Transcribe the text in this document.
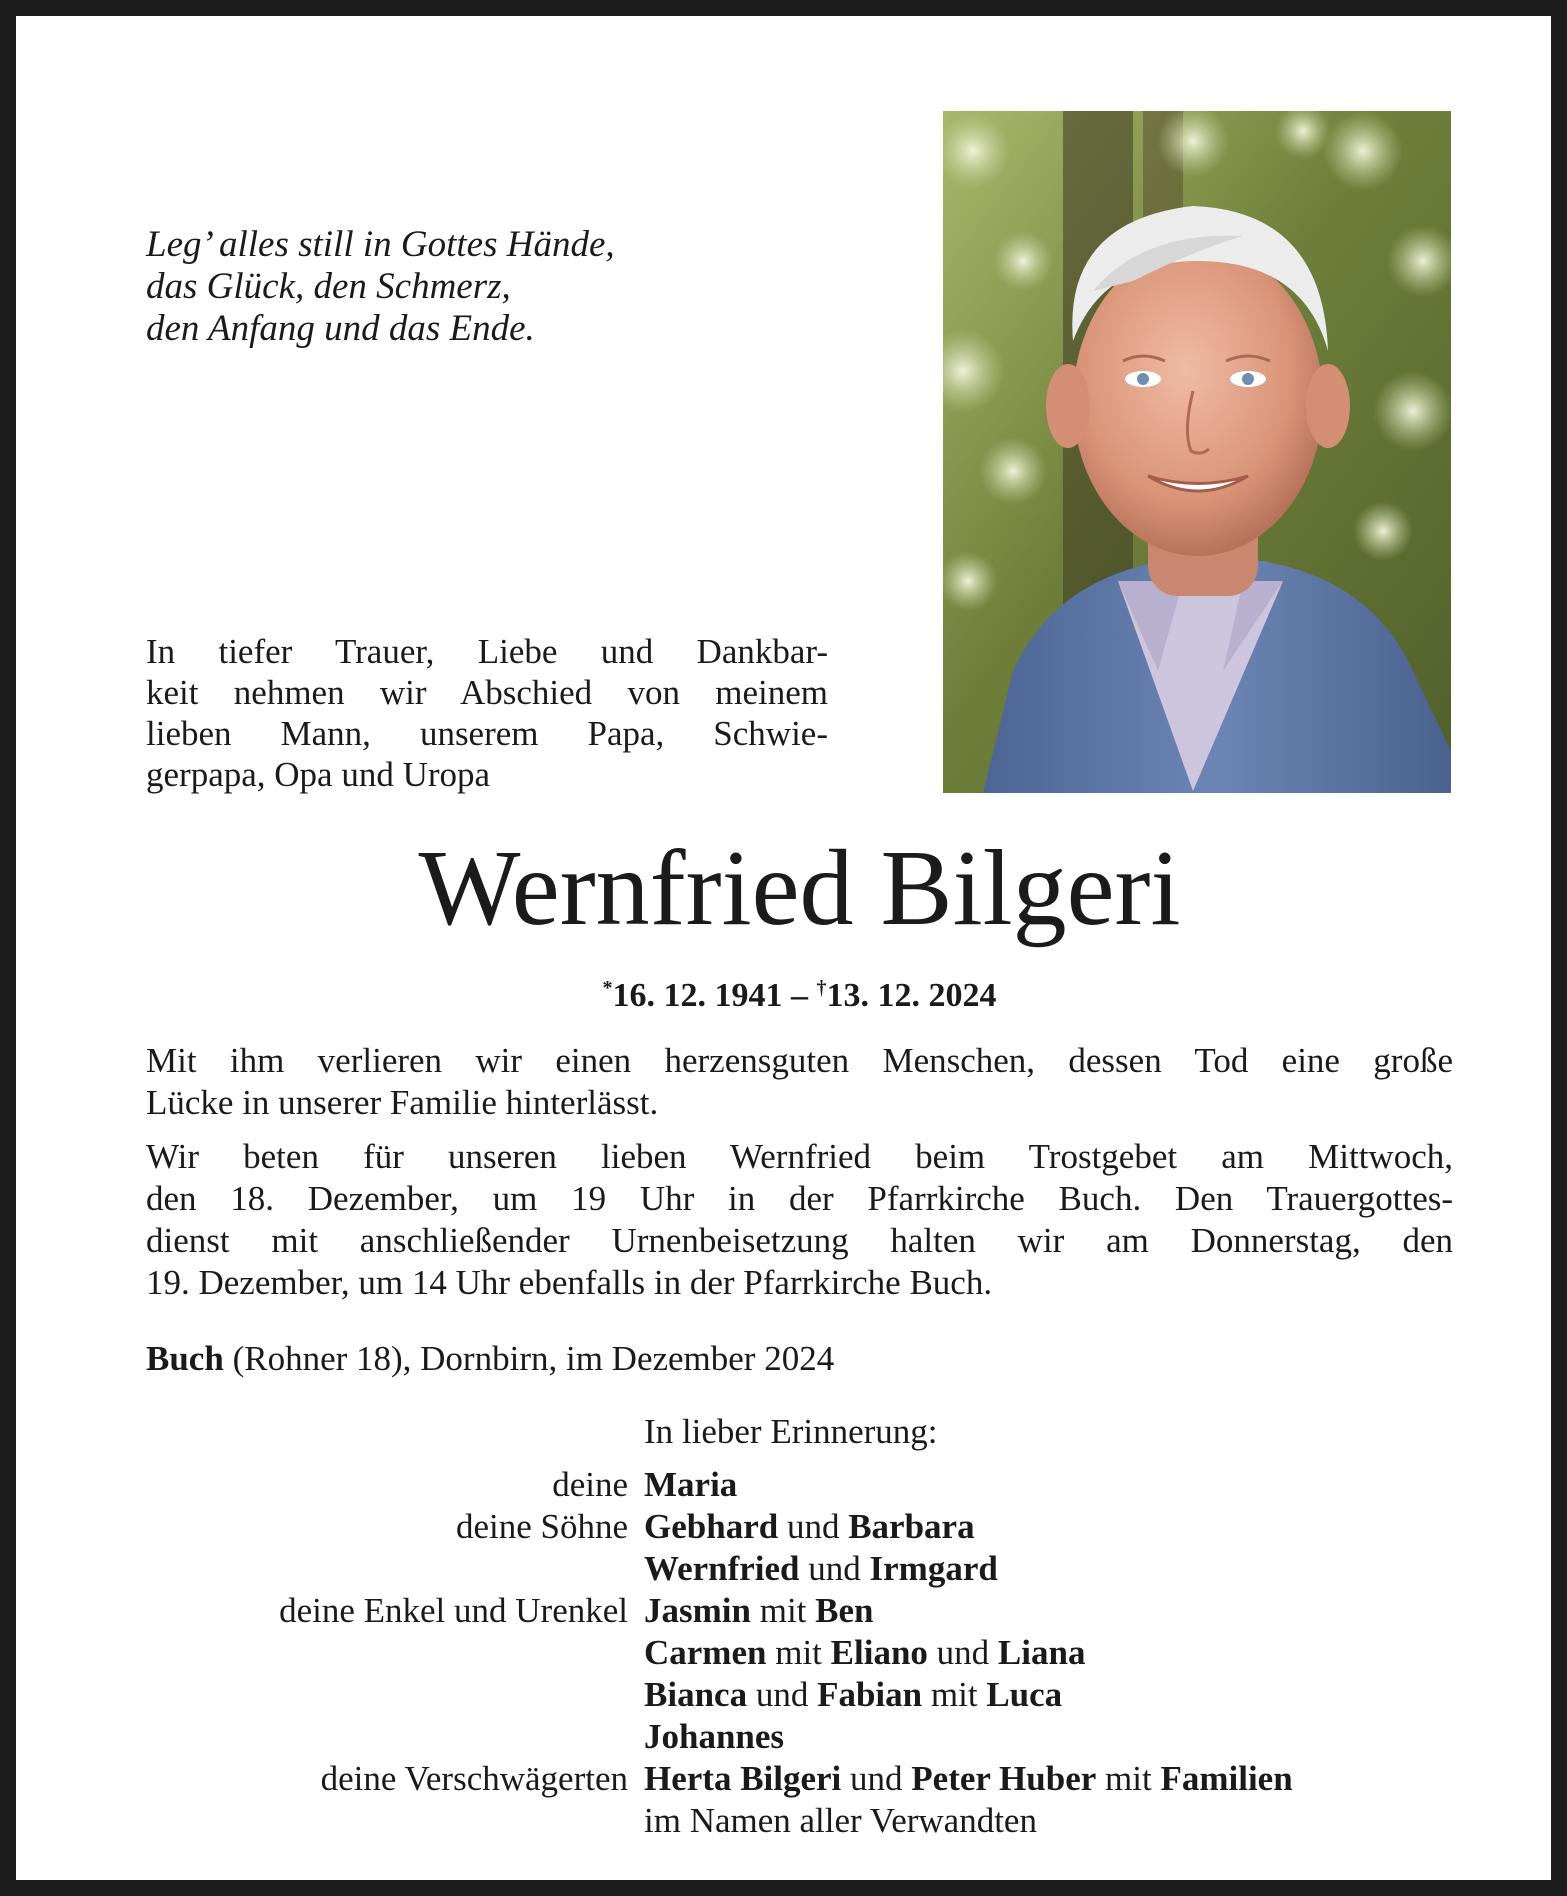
Leg’ alles still in Gottes Hände,
das Glück, den Schmerz,
den Anfang und das Ende.
In tiefer Trauer, Liebe und Dankbar-
keit nehmen wir Abschied von meinem
lieben Mann, unserem Papa, Schwie-
gerpapa, Opa und Uropa
Wernfried Bilgeri
*16. 12. 1941 – †13. 12. 2024
Mit ihm verlieren wir einen herzensguten Menschen, dessen Tod eine große
Lücke in unserer Familie hinterlässt.
Wir beten für unseren lieben Wernfried beim Trostgebet am Mittwoch,
den 18. Dezember, um 19 Uhr in der Pfarrkirche Buch. Den Trauergottes-
dienst mit anschließender Urnenbeisetzung halten wir am Donnerstag, den
19. Dezember, um 14 Uhr ebenfalls in der Pfarrkirche Buch.
Buch (Rohner 18), Dornbirn, im Dezember 2024
In lieber Erinnerung:
deine Maria
deine Söhne Gebhard und Barbara
Wernfried und Irmgard
deine Enkel und Urenkel Jasmin mit Ben
Carmen mit Eliano und Liana
Bianca und Fabian mit Luca
Johannes
deine Verschwägerten Herta Bilgeri und Peter Huber mit Familien
im Namen aller Verwandten
